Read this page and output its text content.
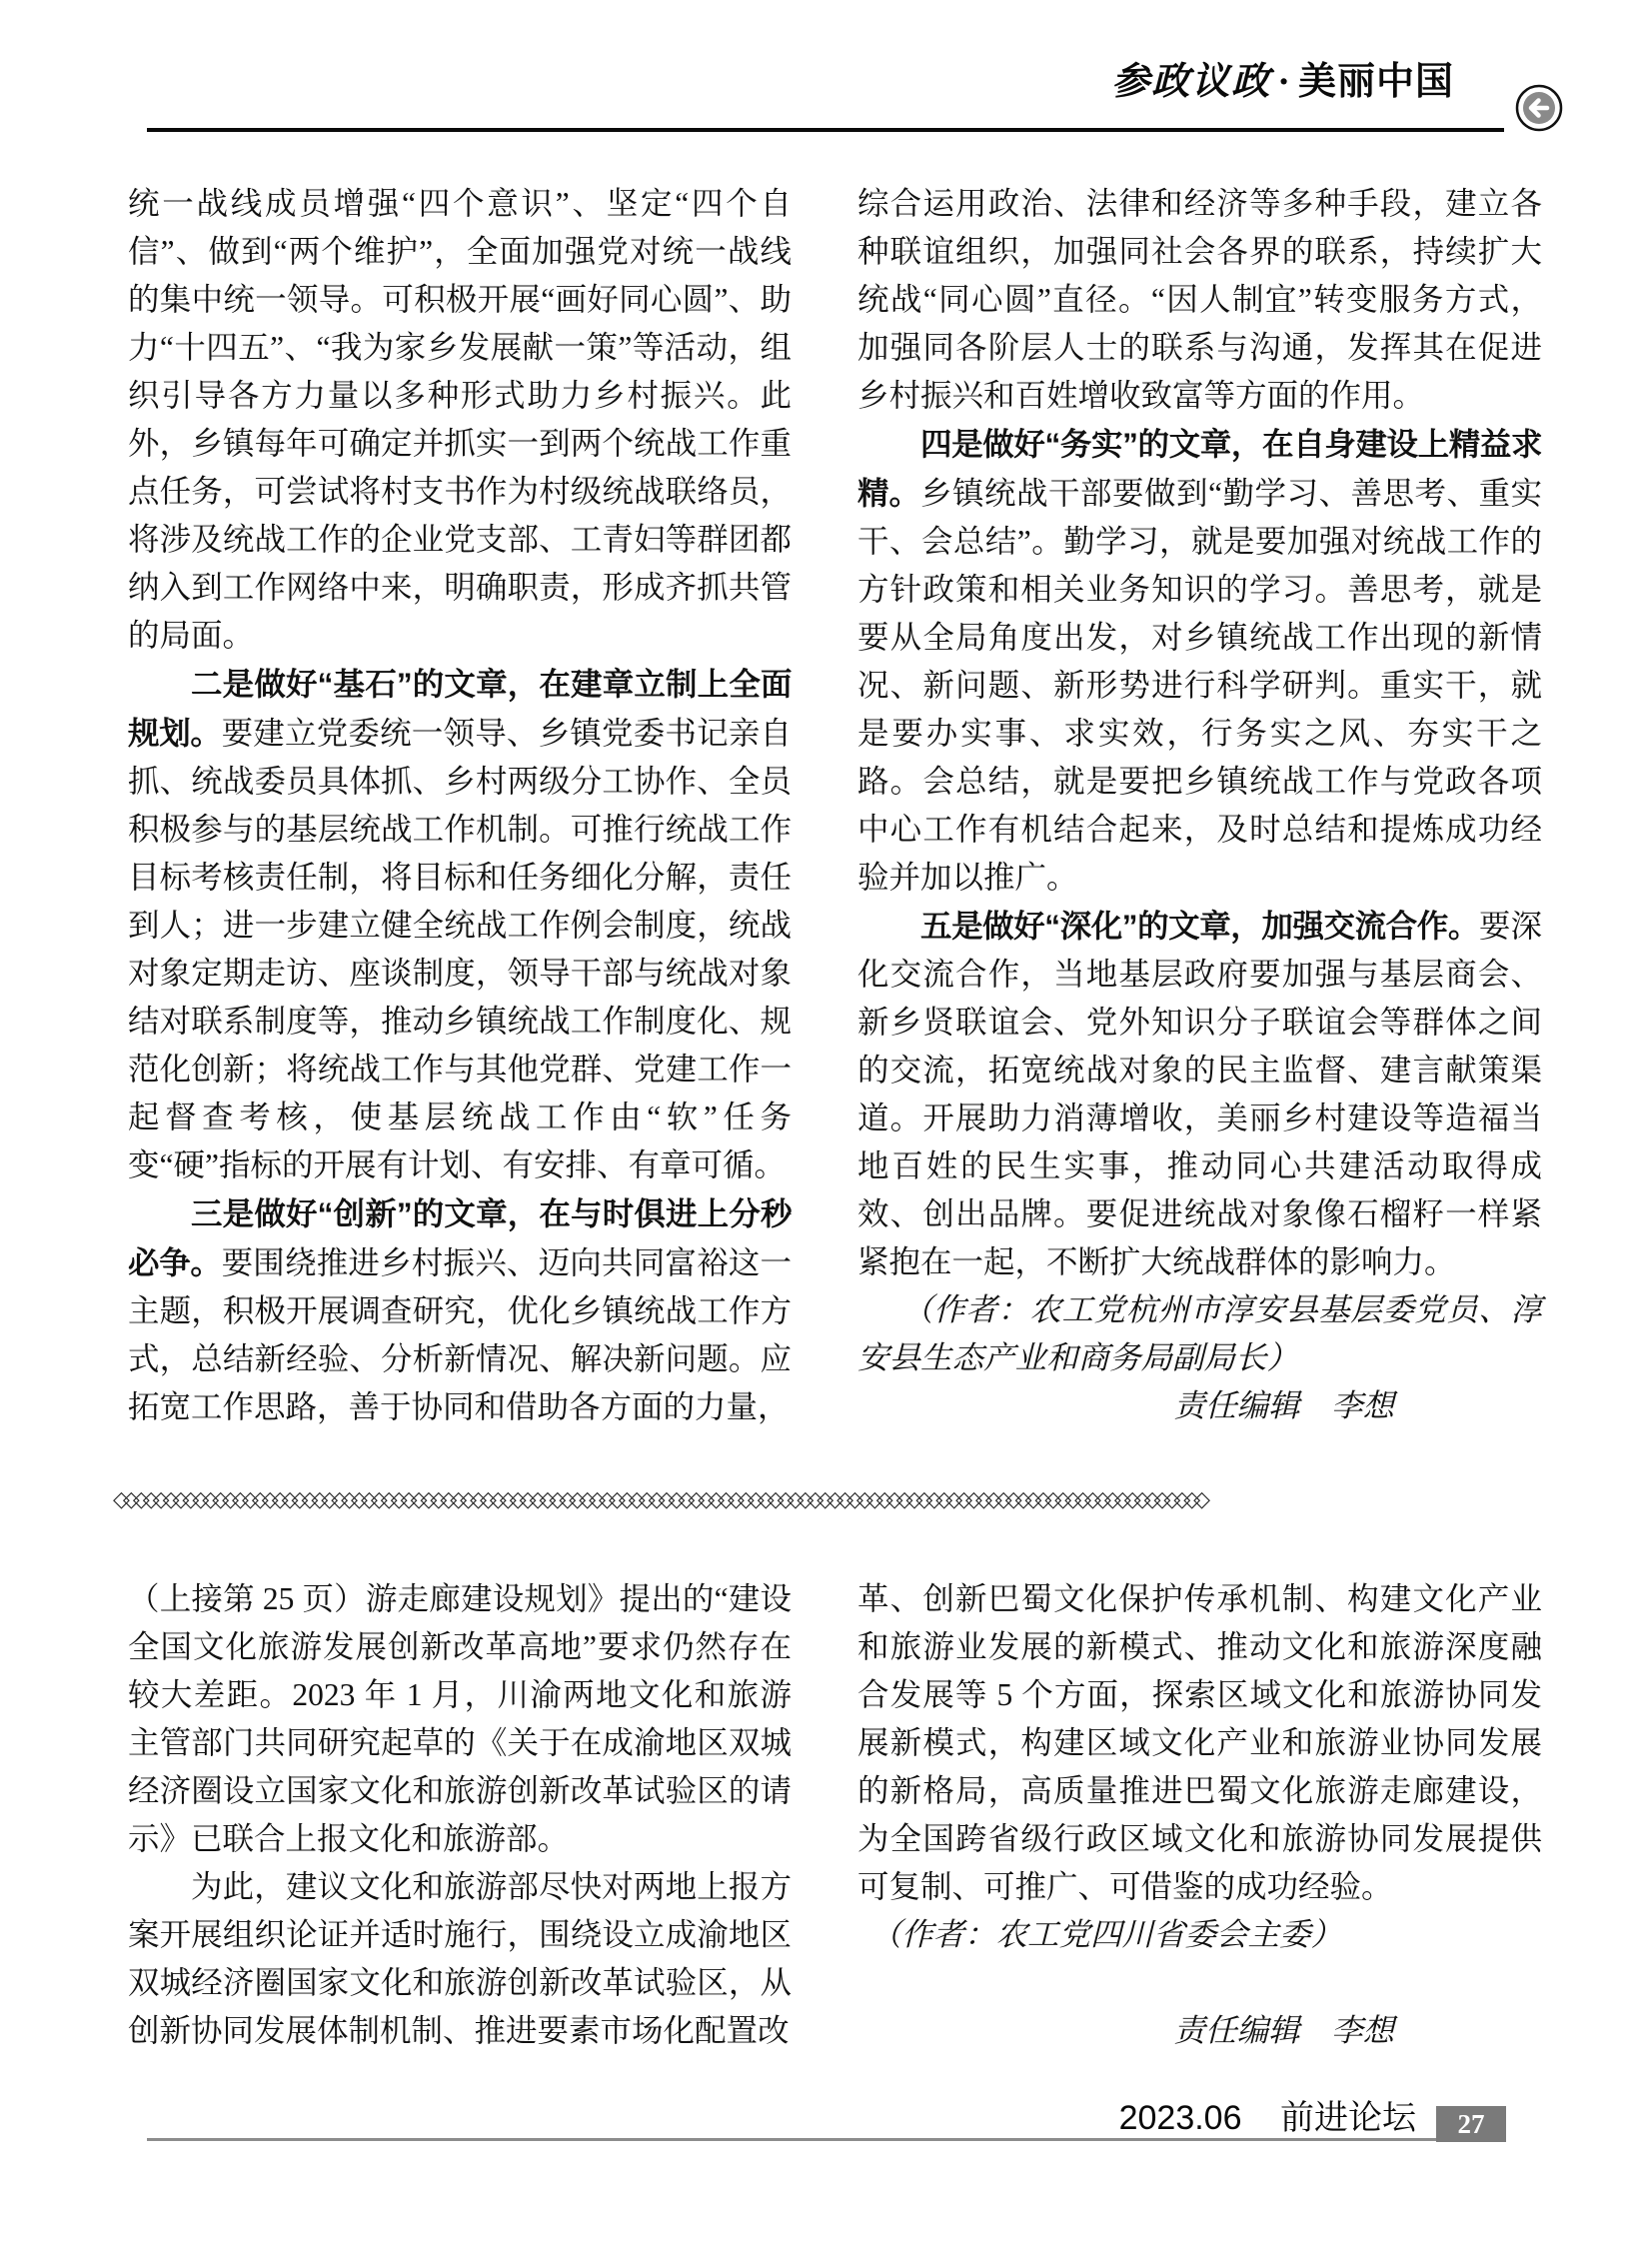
参政议政 · 美丽中国

统一战线成员增强“四个意识”、坚定“四个自信”、做到“两个维护”，全面加强党对统一战线的集中统一领导。可积极开展“画好同心圆”、助力“十四五”、“我为家乡发展献一策”等活动，组织引导各方力量以多种形式助力乡村振兴。此外，乡镇每年可确定并抓实一到两个统战工作重点任务，可尝试将村支书作为村级统战联络员，将涉及统战工作的企业党支部、工青妇等群团都纳入到工作网络中来，明确职责，形成齐抓共管的局面。

二是做好“基石”的文章，在建章立制上全面规划。要建立党委统一领导、乡镇党委书记亲自抓、统战委员具体抓、乡村两级分工协作、全员积极参与的基层统战工作机制。可推行统战工作目标考核责任制，将目标和任务细化分解，责任到人；进一步建立健全统战工作例会制度，统战对象定期走访、座谈制度，领导干部与统战对象结对联系制度等，推动乡镇统战工作制度化、规范化创新；将统战工作与其他党群、党建工作一起督查考核，使基层统战工作由“软”任务变“硬”指标的开展有计划、有安排、有章可循。

三是做好“创新”的文章，在与时俱进上分秒必争。要围绕推进乡村振兴、迈向共同富裕这一主题，积极开展调查研究，优化乡镇统战工作方式，总结新经验、分析新情况、解决新问题。应拓宽工作思路，善于协同和借助各方面的力量，

综合运用政治、法律和经济等多种手段，建立各种联谊组织，加强同社会各界的联系，持续扩大统战“同心圆”直径。“因人制宜”转变服务方式，加强同各阶层人士的联系与沟通，发挥其在促进乡村振兴和百姓增收致富等方面的作用。

四是做好“务实”的文章，在自身建设上精益求精。乡镇统战干部要做到“勤学习、善思考、重实干、会总结”。勤学习，就是要加强对统战工作的方针政策和相关业务知识的学习。善思考，就是要从全局角度出发，对乡镇统战工作出现的新情况、新问题、新形势进行科学研判。重实干，就是要办实事、求实效，行务实之风、夯实干之路。会总结，就是要把乡镇统战工作与党政各项中心工作有机结合起来，及时总结和提炼成功经验并加以推广。

五是做好“深化”的文章，加强交流合作。要深化交流合作，当地基层政府要加强与基层商会、新乡贤联谊会、党外知识分子联谊会等群体之间的交流，拓宽统战对象的民主监督、建言献策渠道。开展助力消薄增收，美丽乡村建设等造福当地百姓的民生实事，推动同心共建活动取得成效、创出品牌。要促进统战对象像石榴籽一样紧紧抱在一起，不断扩大统战群体的影响力。

（作者：农工党杭州市淳安县基层委党员、淳安县生态产业和商务局副局长）

责任编辑　李想

◇◇◇◇◇◇◇◇◇◇◇◇◇◇◇◇◇◇◇◇◇◇◇◇◇◇◇◇◇◇◇◇◇◇◇◇◇◇◇◇◇◇◇◇◇◇◇◇◇◇◇◇◇◇◇◇◇◇◇◇◇◇◇◇◇◇◇◇◇◇◇◇◇◇◇◇◇◇◇◇◇◇◇◇◇◇◇◇◇◇◇◇◇◇◇◇◇◇◇◇◇◇◇◇◇◇◇◇◇◇

（上接第 25 页）游走廊建设规划》提出的“建设全国文化旅游发展创新改革高地”要求仍然存在较大差距。2023 年 1 月，川渝两地文化和旅游主管部门共同研究起草的《关于在成渝地区双城经济圈设立国家文化和旅游创新改革试验区的请示》已联合上报文化和旅游部。

为此，建议文化和旅游部尽快对两地上报方案开展组织论证并适时施行，围绕设立成渝地区双城经济圈国家文化和旅游创新改革试验区，从创新协同发展体制机制、推进要素市场化配置改

革、创新巴蜀文化保护传承机制、构建文化产业和旅游业发展的新模式、推动文化和旅游深度融合发展等 5 个方面，探索区域文化和旅游协同发展新模式，构建区域文化产业和旅游业协同发展的新格局，高质量推进巴蜀文化旅游走廊建设，为全国跨省级行政区域文化和旅游协同发展提供可复制、可推广、可借鉴的成功经验。

（作者：农工党四川省委会主委）

责任编辑　李想

2023.06 前进论坛	27
